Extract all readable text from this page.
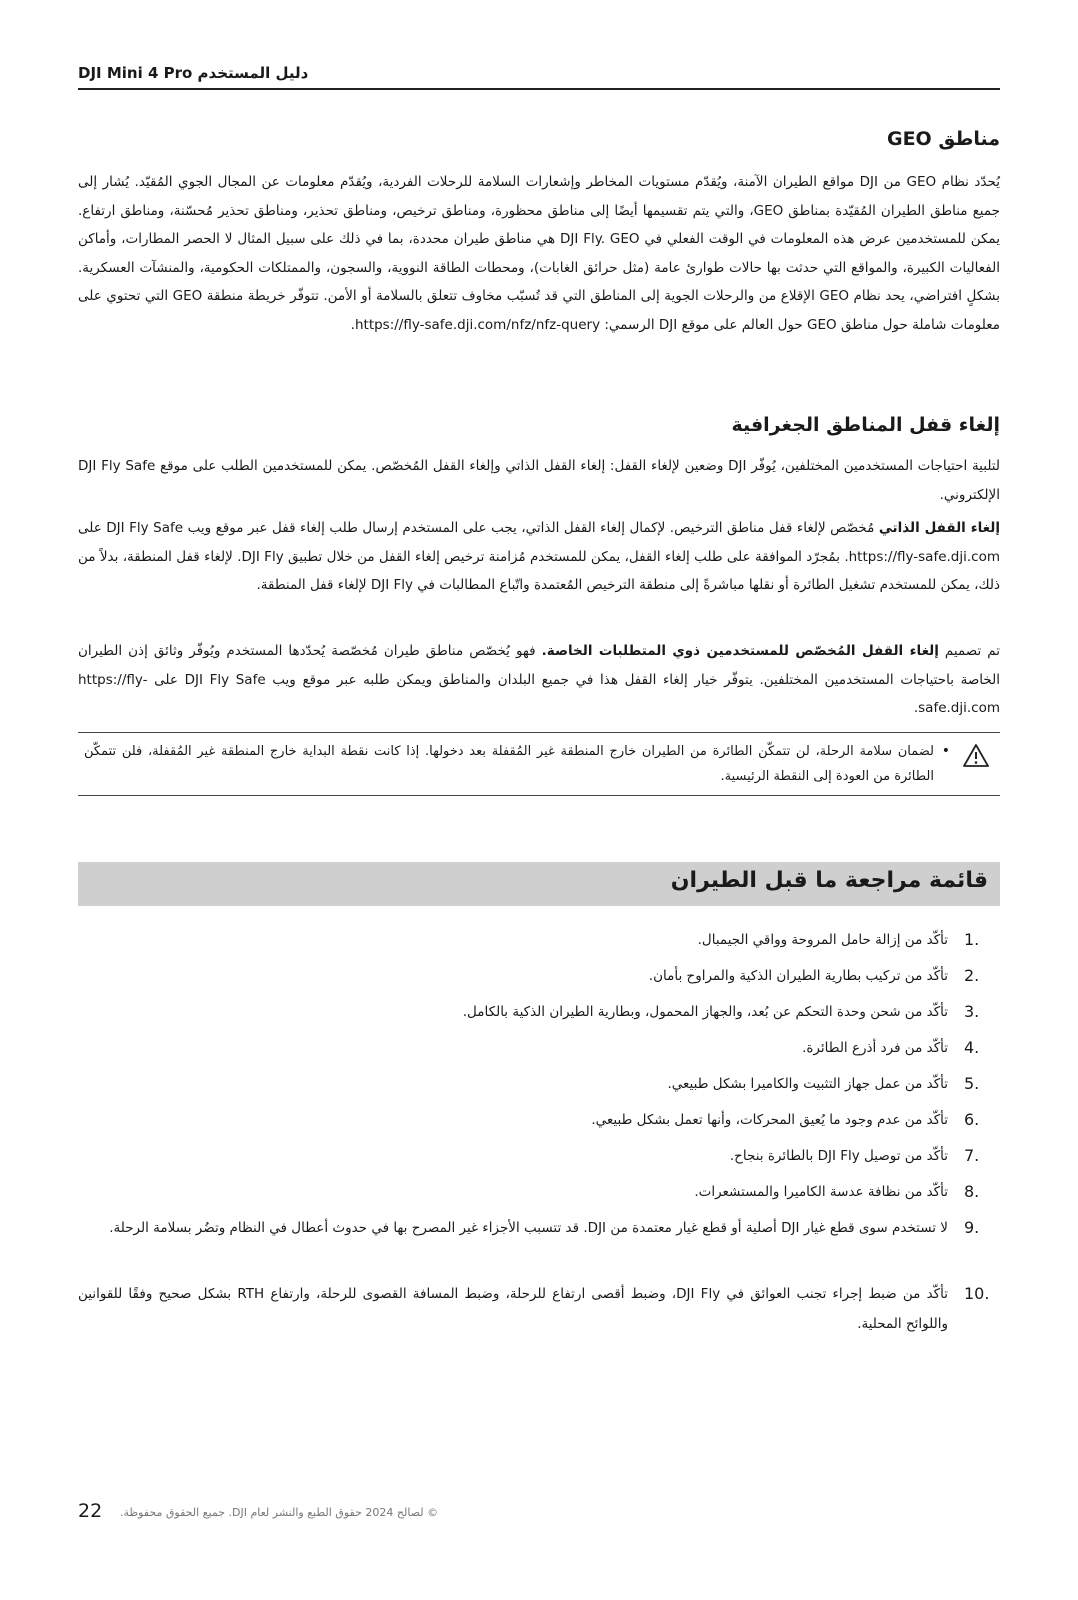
DJI Mini 4 Pro دليل المستخدم
مناطق GEO
يُحدّد نظام GEO من DJI مواقع الطيران الآمنة، ويُقدّم مستويات المخاطر وإشعارات السلامة للرحلات الفردية، ويُقدّم معلومات عن المجال الجوي المُقيّد. يُشار إلى جميع مناطق الطيران المُقيّدة بمناطق GEO، والتي يتم تقسيمها أيضًا إلى مناطق محظورة، ومناطق ترخيص، ومناطق تحذير، ومناطق تحذير مُحسّنة، ومناطق ارتفاع. يمكن للمستخدمين عرض هذه المعلومات في الوقت الفعلي في DJI Fly. GEO هي مناطق طيران محددة، بما في ذلك على سبيل المثال لا الحصر المطارات، وأماكن الفعاليات الكبيرة، والمواقع التي حدثت بها حالات طوارئ عامة (مثل حرائق الغابات)، ومحطات الطاقة النووية، والسجون، والممتلكات الحكومية، والمنشآت العسكرية. بشكلٍ افتراضي، يحد نظام GEO الإقلاع من والرحلات الجوية إلى المناطق التي قد تُسبّب مخاوف تتعلق بالسلامة أو الأمن. تتوفّر خريطة منطقة GEO التي تحتوي على معلومات شاملة حول مناطق GEO حول العالم على موقع DJI الرسمي: https://fly-safe.dji.com/nfz/nfz-query.
إلغاء قفل المناطق الجغرافية
لتلبية احتياجات المستخدمين المختلفين، يُوفّر DJI وضعين لإلغاء القفل: إلغاء القفل الذاتي وإلغاء القفل المُخصّص. يمكن للمستخدمين الطلب على موقع DJI Fly Safe الإلكتروني.
إلغاء القفل الذاتي مُخصّص لإلغاء قفل مناطق الترخيص. لإكمال إلغاء القفل الذاتي، يجب على المستخدم إرسال طلب إلغاء قفل عبر موقع ويب DJI Fly Safe على https://fly-safe.dji.com. بمُجرّد الموافقة على طلب إلغاء القفل، يمكن للمستخدم مُزامنة ترخيص إلغاء القفل من خلال تطبيق DJI Fly. لإلغاء قفل المنطقة، بدلاً من ذلك، يمكن للمستخدم تشغيل الطائرة أو نقلها مباشرةً إلى منطقة الترخيص المُعتمدة واتّباع المطالبات في DJI Fly لإلغاء قفل المنطقة.
تم تصميم إلغاء القفل المُخصّص للمستخدمين ذوي المتطلبات الخاصة. فهو يُخصّص مناطق طيران مُخصّصة يُحدّدها المستخدم ويُوفّر وثائق إذن الطيران الخاصة باحتياجات المستخدمين المختلفين. يتوفّر خيار إلغاء القفل هذا في جميع البلدان والمناطق ويمكن طلبه عبر موقع ويب DJI Fly Safe على https://fly-safe.dji.com.
•
لضمان سلامة الرحلة، لن تتمكّن الطائرة من الطيران خارج المنطقة غير المُقفلة بعد دخولها. إذا كانت نقطة البداية خارج المنطقة غير المُقفلة، فلن تتمكّن الطائرة من العودة إلى النقطة الرئيسية.
قائمة مراجعة ما قبل الطيران
1.
تأكّد من إزالة حامل المروحة وواقي الجيمبال.
2.
تأكّد من تركيب بطارية الطيران الذكية والمراوح بأمان.
3.
تأكّد من شحن وحدة التحكم عن بُعد، والجهاز المحمول، وبطارية الطيران الذكية بالكامل.
4.
تأكّد من فرد أذرع الطائرة.
5.
تأكّد من عمل جهاز التثبيت والكاميرا بشكل طبيعي.
6.
تأكّد من عدم وجود ما يُعيق المحركات، وأنها تعمل بشكل طبيعي.
7.
تأكّد من توصيل DJI Fly بالطائرة بنجاح.
8.
تأكّد من نظافة عدسة الكاميرا والمستشعرات.
9.
لا تستخدم سوى قطع غيار DJI أصلية أو قطع غيار معتمدة من DJI. قد تتسبب الأجزاء غير المصرح بها في حدوث أعطال في النظام وتضُر بسلامة الرحلة.
10.
تأكّد من ضبط إجراء تجنب العوائق في DJI Fly، وضبط أقصى ارتفاع للرحلة، وضبط المسافة القصوى للرحلة، وارتفاع RTH بشكل صحيح وفقًا للقوانين واللوائح المحلية.
22 © لصالح 2024 حقوق الطبع والنشر لعام DJI. جميع الحقوق محفوظة.
